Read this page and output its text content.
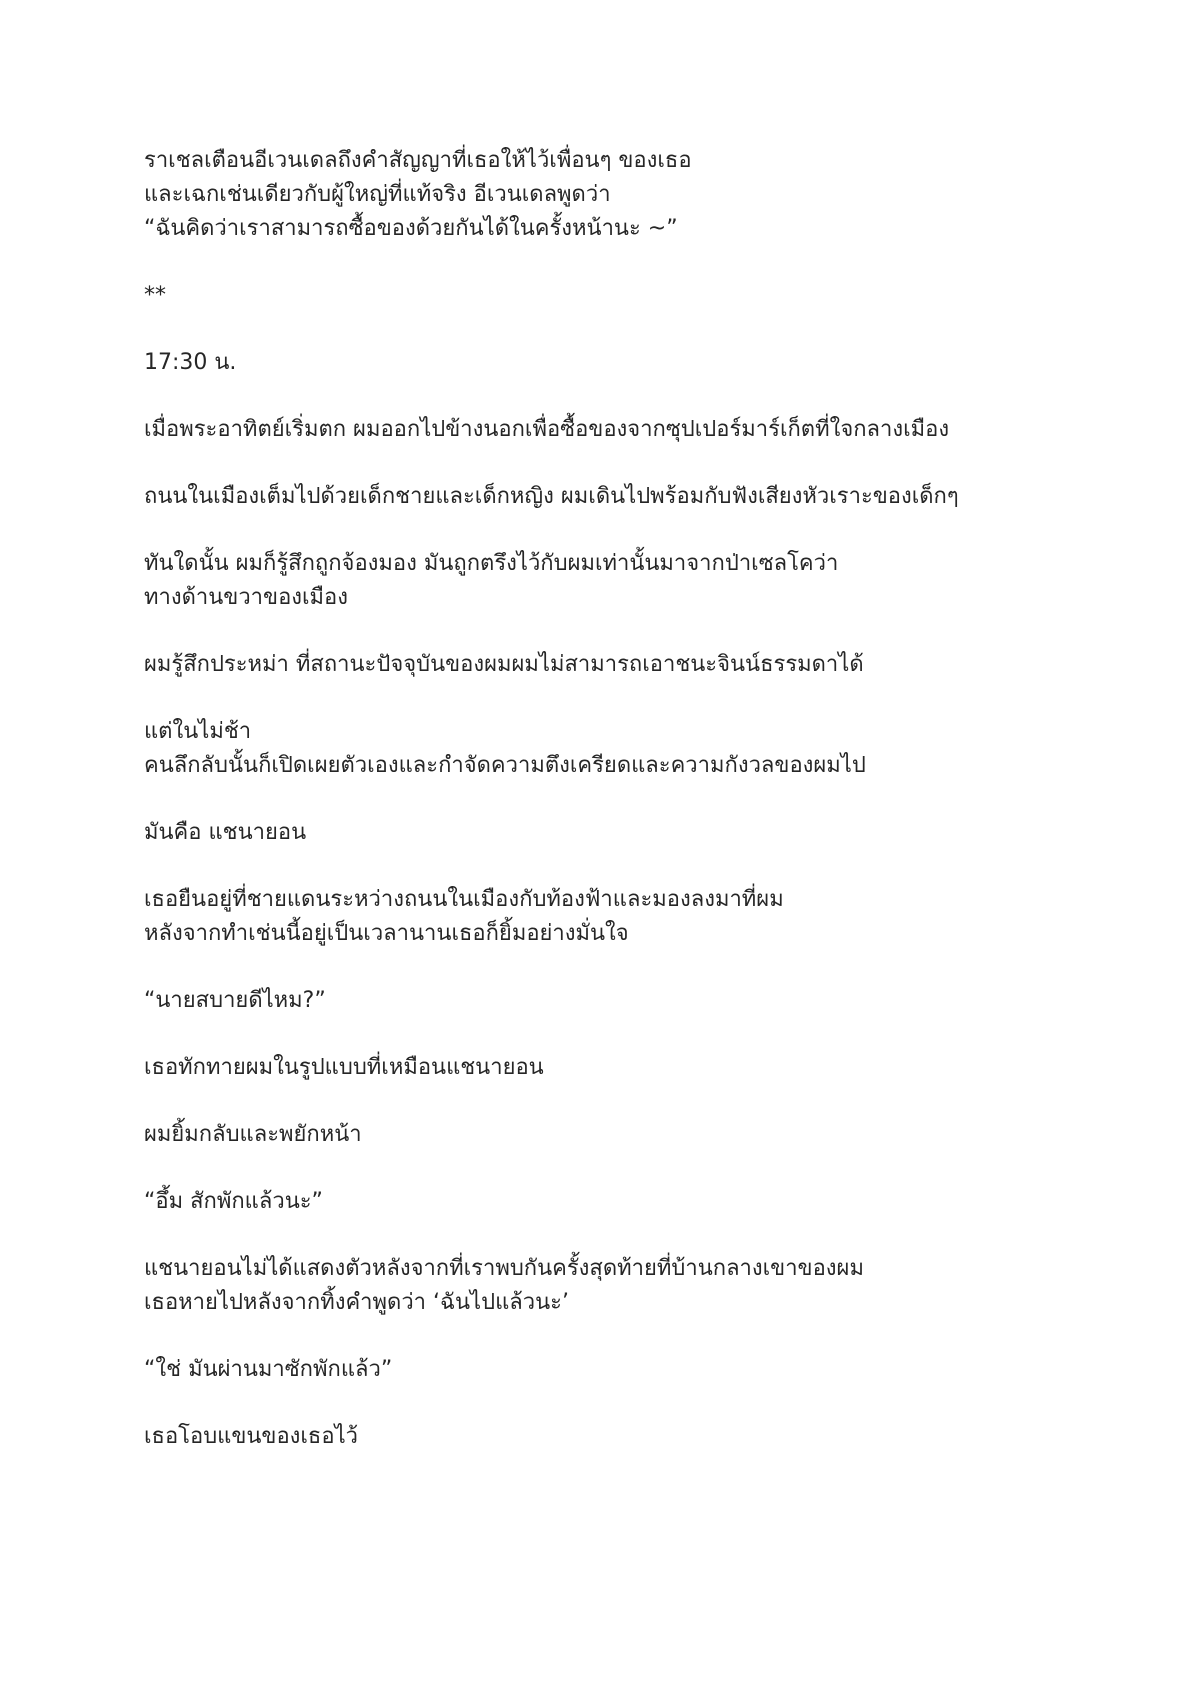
ราเชลเตือนอีเวนเดลถึงคำสัญญาที่เธอให้ไว้เพื่อนๆ ของเธอ
และเฉกเช่นเดียวกับผู้ใหญ่ที่แท้จริง อีเวนเดลพูดว่า
“ฉันคิดว่าเราสามารถซื้อของด้วยกันได้ในครั้งหน้านะ ~”

**

17:30 น.

เมื่อพระอาทิตย์เริ่มตก ผมออกไปข้างนอกเพื่อซื้อของจากซุปเปอร์มาร์เก็ตที่ใจกลางเมือง

ถนนในเมืองเต็มไปด้วยเด็กชายและเด็กหญิง ผมเดินไปพร้อมกับฟังเสียงหัวเราะของเด็กๆ

ทันใดนั้น ผมก็รู้สึกถูกจ้องมอง มันถูกตรึงไว้กับผมเท่านั้นมาจากป่าเซลโคว่า
ทางด้านขวาของเมือง

ผมรู้สึกประหม่า ที่สถานะปัจจุบันของผมผมไม่สามารถเอาชนะจินน์ธรรมดาได้

แต่ในไม่ช้า
คนลึกลับนั้นก็เปิดเผยตัวเองและกำจัดความตึงเครียดและความกังวลของผมไป

มันคือ แชนายอน

เธอยืนอยู่ที่ชายแดนระหว่างถนนในเมืองกับท้องฟ้าและมองลงมาที่ผม
หลังจากทำเช่นนี้อยู่เป็นเวลานานเธอก็ยิ้มอย่างมั่นใจ

“นายสบายดีไหม?”

เธอทักทายผมในรูปแบบที่เหมือนแชนายอน

ผมยิ้มกลับและพยักหน้า

“อึ้ม สักพักแล้วนะ”

แชนายอนไม่ได้แสดงตัวหลังจากที่เราพบกันครั้งสุดท้ายที่บ้านกลางเขาของผม
เธอหายไปหลังจากทิ้งคำพูดว่า ‘ฉันไปแล้วนะ’

“ใช่ มันผ่านมาซักพักแล้ว”

เธอโอบแขนของเธอไว้
